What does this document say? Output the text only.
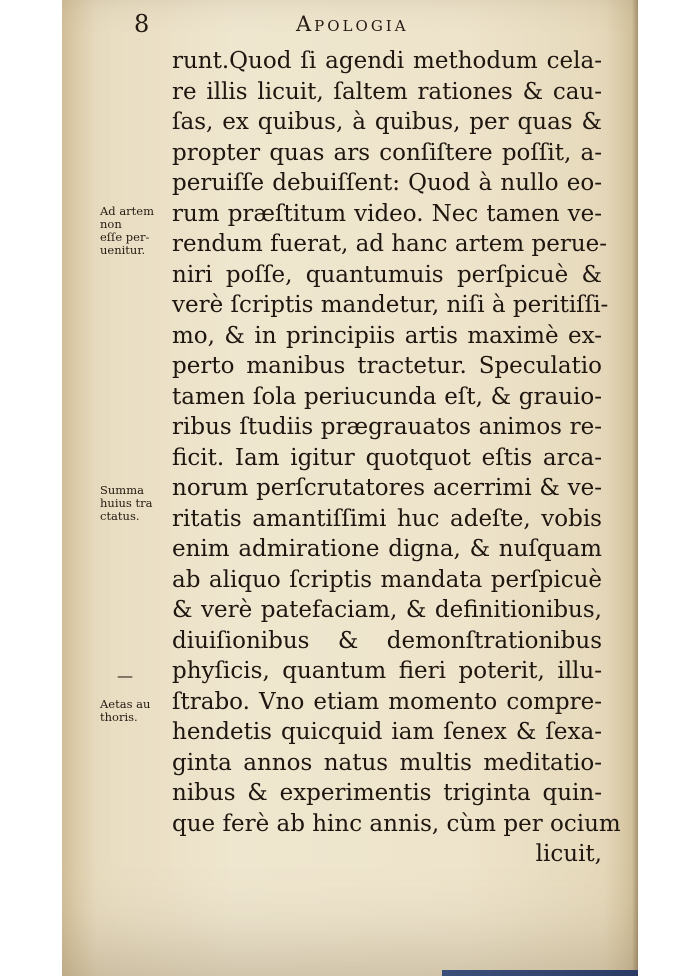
8	Apologia
runt.Quod ſi agendi methodum cela-
re illis licuit, ſaltem rationes & cau-
ſas, ex quibus, à quibus, per quas &
propter quas ars conſiſtere poſſit, a-
peruiſſe debuiſſent: Quod à nullo eo-
rum præſtitum video. Nec tamen ve-
rendum fuerat, ad hanc artem perue-
niri poſſe, quantumuis perſpicuè &
verè ſcriptis mandetur, niſi à peritiſſi-
mo, & in principiis artis maximè ex-
perto manibus tractetur. Speculatio
tamen ſola periucunda eſt, & grauio-
ribus ſtudiis prægrauatos animos re-
ficit. Iam igitur quotquot eſtis arca-
norum perſcrutatores acerrimi & ve-
ritatis amantiſſimi huc adeſte, vobis
enim admiratione digna, & nuſquam
ab aliquo ſcriptis mandata perſpicuè
& verè patefaciam, & definitionibus,
diuiſionibus & demonſtrationibus
phyſicis, quantum fieri poterit, illu-
ſtrabo. Vno etiam momento compre-
hendetis quicquid iam ſenex & ſexa-
ginta annos natus multis meditatio-
nibus & experimentis triginta quin-
que ferè ab hinc annis, cùm per ocium
licuit,
Ad artem
non
eſſe per-
uenitur.
Summa
huius tra
ctatus.
—
Aetas au
thoris.
